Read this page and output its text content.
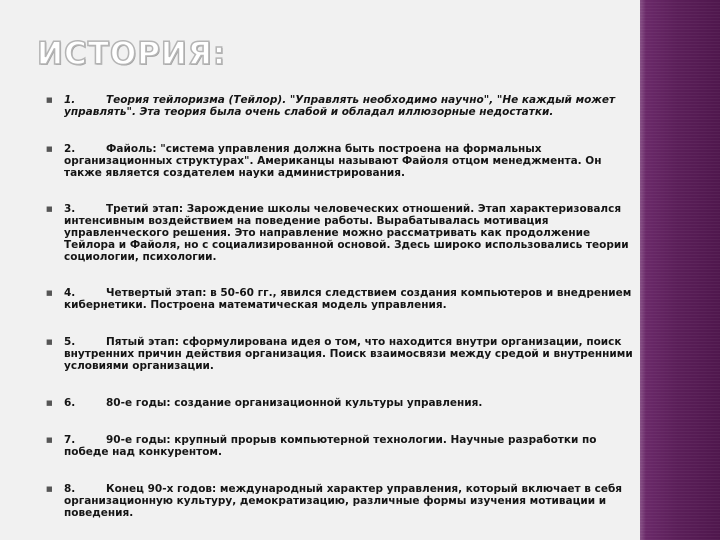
ИСТОРИЯ:
■ 1.	Теория тейлоризма (Тейлор). "Управлять необходимо научно", "Не каждый может управлять". Эта теория была очень слабой и обладал иллюзорные недостатки.
■ 2.	Файоль: "система управления должна быть построена на формальных организационных структурах". Американцы называют Файоля отцом менеджмента. Он также является создателем науки администрирования.
■ 3.	Третий этап: Зарождение школы человеческих отношений. Этап характеризовался интенсивным воздействием на поведение работы. Вырабатывалась мотивация управленческого решения. Это направление можно рассматривать как продолжение Тейлора и Файоля, но с социализированной основой. Здесь широко использовались теории социологии, психологии.
■ 4.	Четвертый этап: в 50-60 гг., явился следствием создания компьютеров и внедрением кибернетики. Построена математическая модель управления.
■ 5.	Пятый этап: сформулирована идея о том, что находится внутри организации, поиск внутренних причин действия организация. Поиск взаимосвязи между средой и внутренними условиями организации.
■ 6.	80-е годы: создание организационной культуры управления.
■ 7.	90-е годы: крупный прорыв компьютерной технологии. Научные разработки по победе над конкурентом.
■ 8.	Конец 90-х годов: международный характер управления, который включает в себя организационную культуру, демократизацию, различные формы изучения мотивации и поведения.
